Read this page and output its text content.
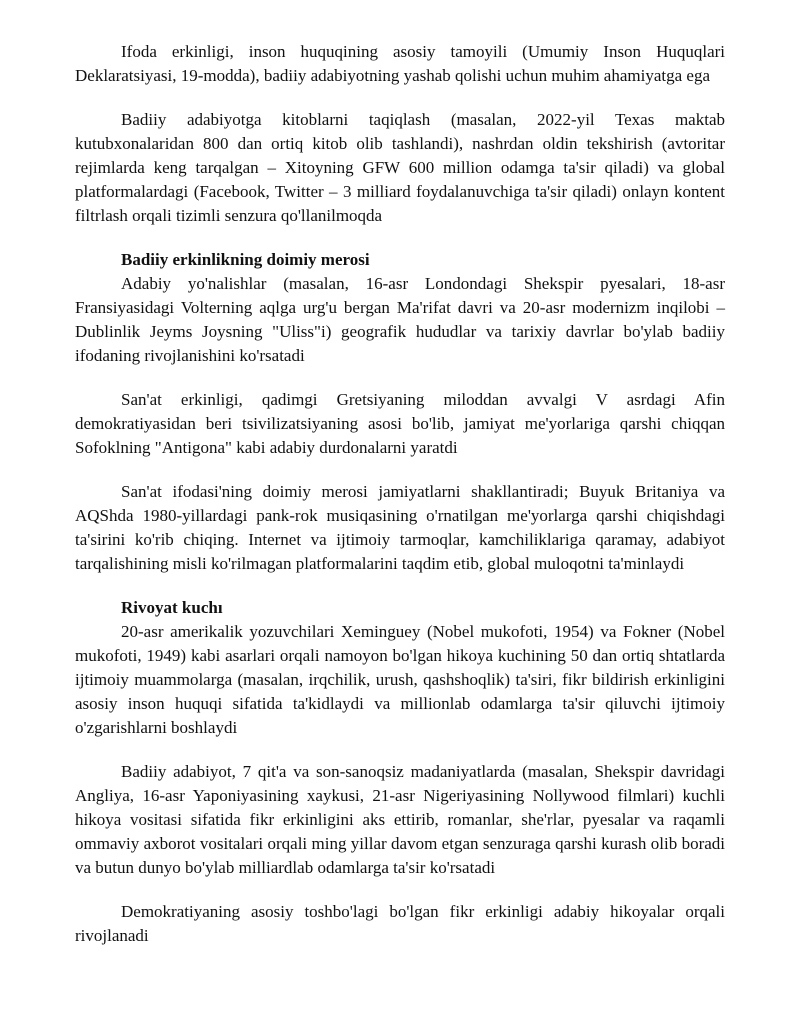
Ifoda erkinligi, inson huquqining asosiy tamoyili (Umumiy Inson Huquqlari Deklaratsiyasi, 19-modda), badiiy adabiyotning yashab qolishi uchun muhim ahamiyatga ega

Badiiy adabiyotga kitoblarni taqiqlash (masalan, 2022-yil Texas maktab kutubxonalaridan 800 dan ortiq kitob olib tashlandi), nashrdan oldin tekshirish (avtoritar rejimlarda keng tarqalgan – Xitoyning GFW 600 million odamga ta'sir qiladi) va global platformalardagi (Facebook, Twitter – 3 milliard foydalanuvchiga ta'sir qiladi) onlayn kontent filtrlash orqali tizimli senzura qo'llanilmoqda

Badiiy erkinlikning doimiy merosi

Adabiy yo'nalishlar (masalan, 16-asr Londondagi Shekspir pyesalari, 18-asr Fransiyasidagi Volterning aqlga urg'u bergan Ma'rifat davri va 20-asr modernizm inqilobi – Dublinlik Jeyms Joysning "Uliss"i) geografik hududlar va tarixiy davrlar bo'ylab badiiy ifodaning rivojlanishini ko'rsatadi

San'at erkinligi, qadimgi Gretsiyaning miloddan avvalgi V asrdagi Afin demokratiyasidan beri tsivilizatsiyaning asosi bo'lib, jamiyat me'yorlariga qarshi chiqqan Sofoklning "Antigona" kabi adabiy durdonalarni yaratdi

San'at ifodasi'ning doimiy merosi jamiyatlarni shakllantiradi; Buyuk Britaniya va AQShda 1980-yillardagi pank-rok musiqasining o'rnatilgan me'yorlarga qarshi chiqishdagi ta'sirini ko'rib chiqing. Internet va ijtimoiy tarmoqlar, kamchiliklariga qaramay, adabiyot tarqalishining misli ko'rilmagan platformalarini taqdim etib, global muloqotni ta'minlaydi

Rivoyat kuchı

20-asr amerikalik yozuvchilari Xeminguey (Nobel mukofoti, 1954) va Fokner (Nobel mukofoti, 1949) kabi asarlari orqali namoyon bo'lgan hikoya kuchining 50 dan ortiq shtatlarda ijtimoiy muammolarga (masalan, irqchilik, urush, qashshoqlik) ta'siri, fikr bildirish erkinligini asosiy inson huquqi sifatida ta'kidlaydi va millionlab odamlarga ta'sir qiluvchi ijtimoiy o'zgarishlarni boshlaydi

Badiiy adabiyot, 7 qit'a va son-sanoqsiz madaniyatlarda (masalan, Shekspir davridagi Angliya, 16-asr Yaponiyasining xaykusi, 21-asr Nigeriyasining Nollywood filmlari) kuchli hikoya vositasi sifatida fikr erkinligini aks ettirib, romanlar, she'rlar, pyesalar va raqamli ommaviy axborot vositalari orqali ming yillar davom etgan senzuraga qarshi kurash olib boradi va butun dunyo bo'ylab milliardlab odamlarga ta'sir ko'rsatadi

Demokratiyaning asosiy toshbo'lagi bo'lgan fikr erkinligi adabiy hikoyalar orqali rivojlanadi
